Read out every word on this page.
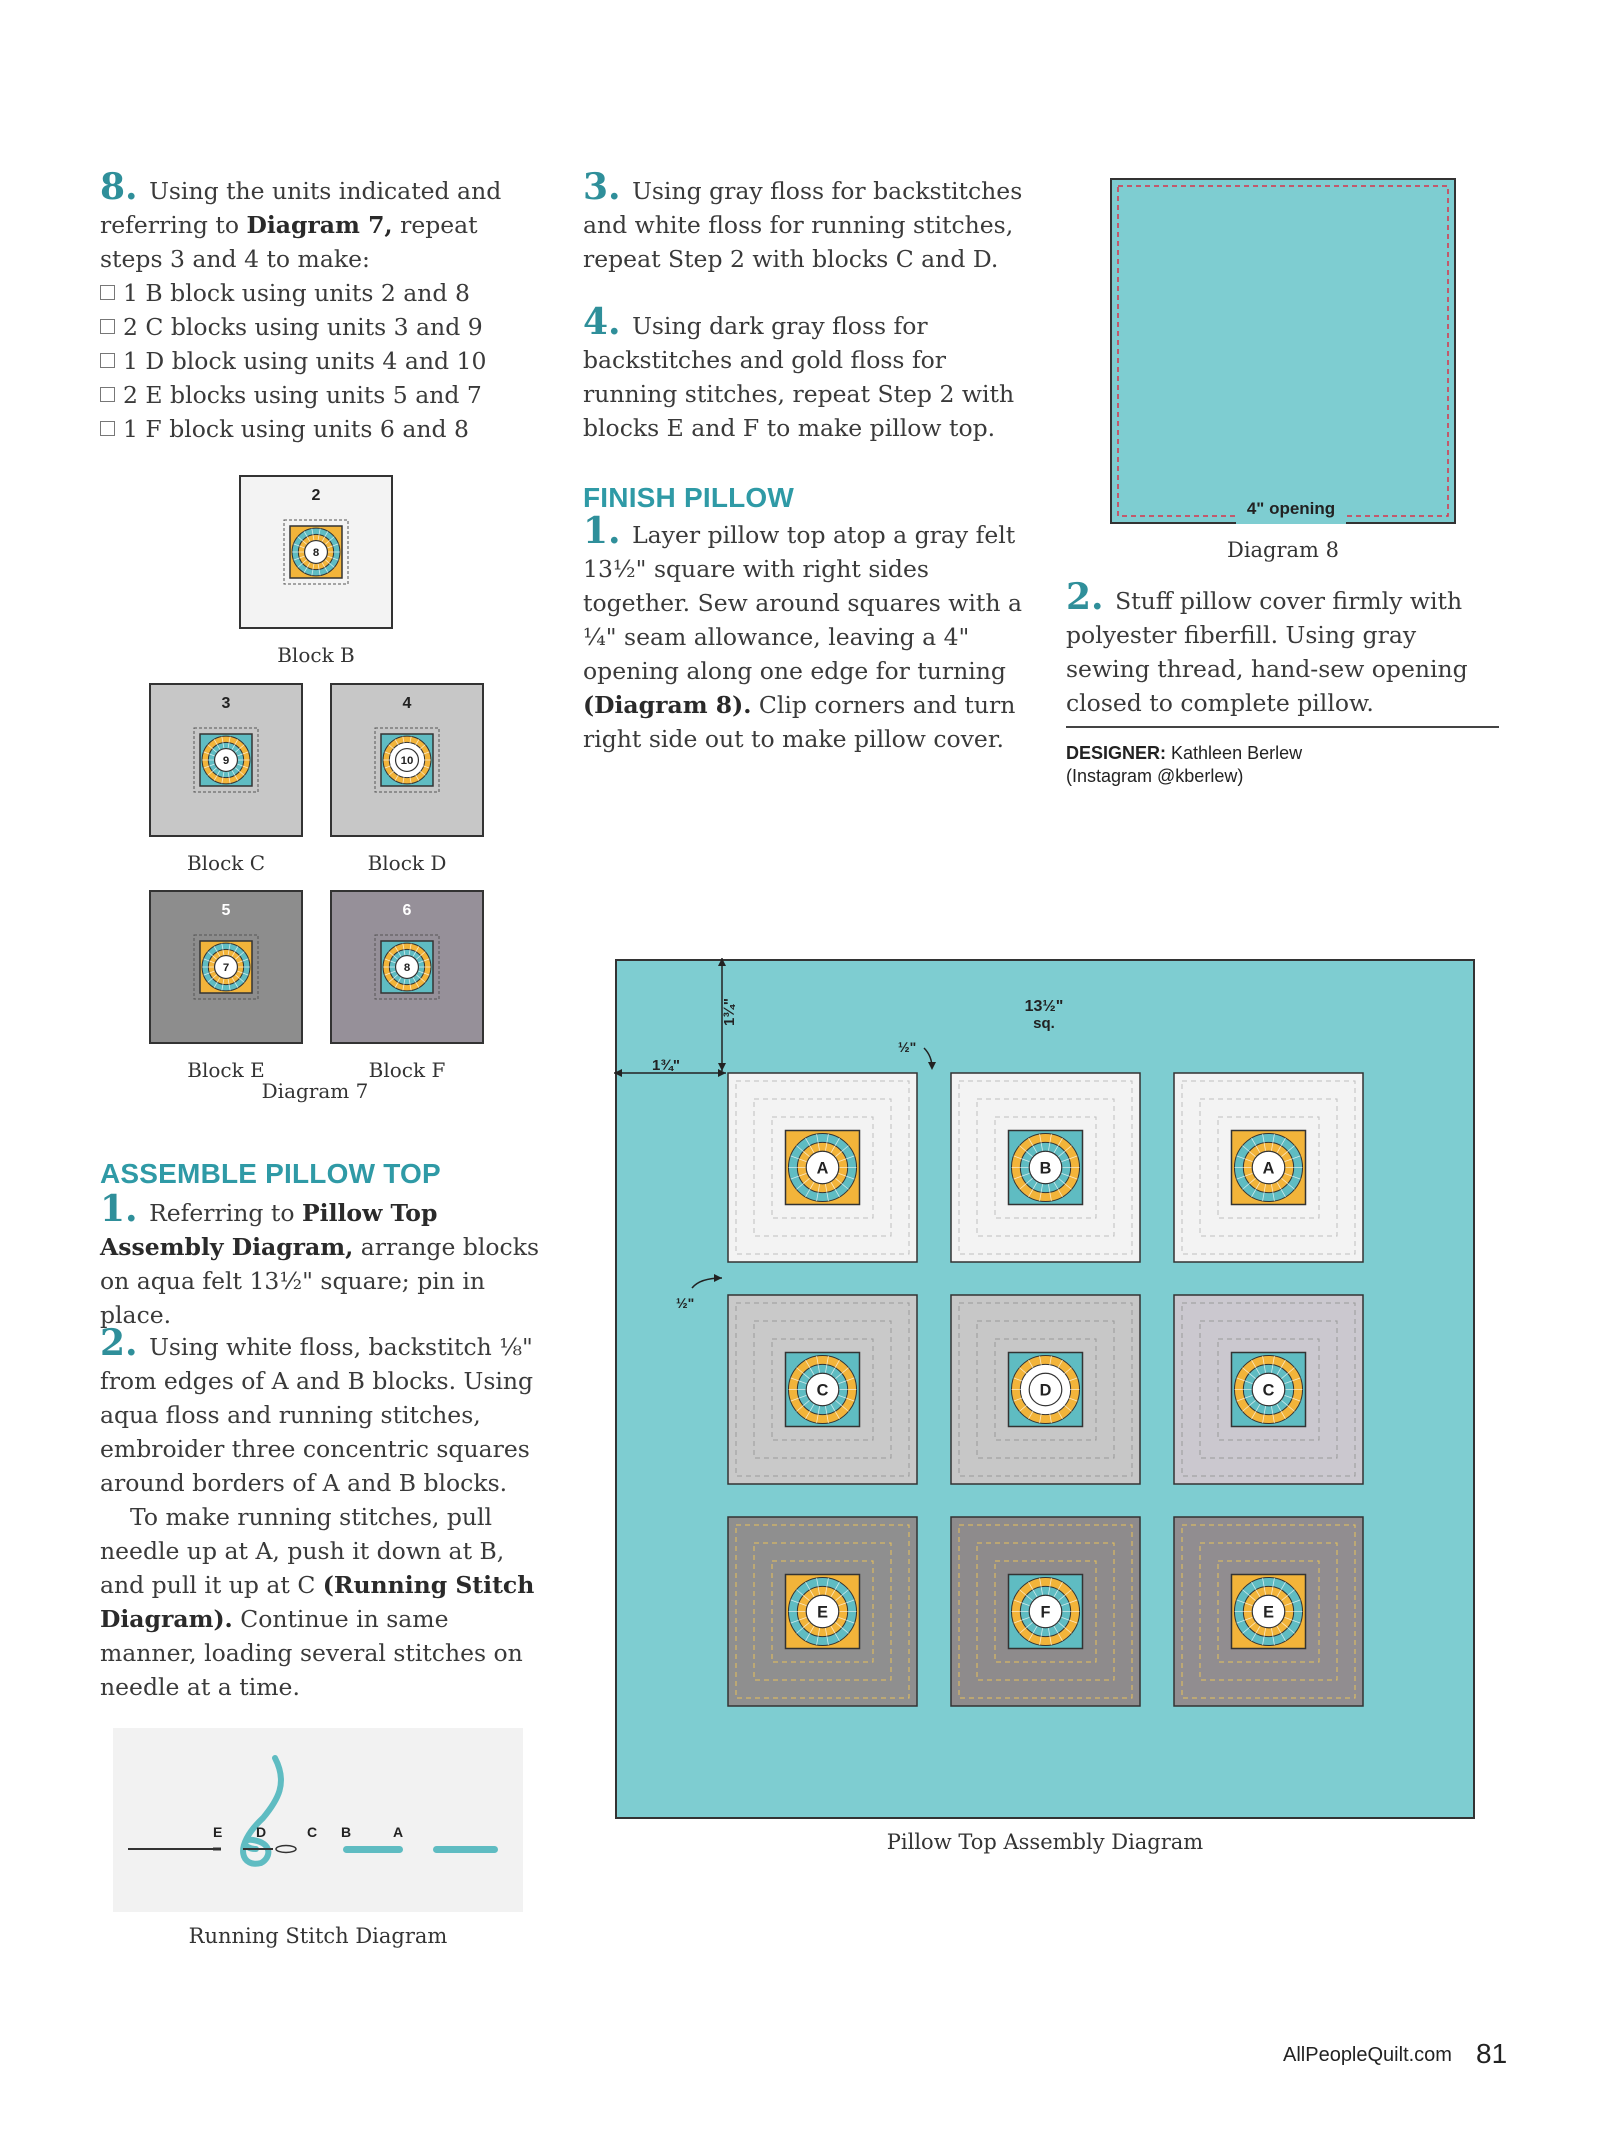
8. Using the units indicated and referring to Diagram 7, repeat steps 3 and 4 to make:
1 B block using units 2 and 8
2 C blocks using units 3 and 9
1 D block using units 4 and 10
2 E blocks using units 5 and 7
1 F block using units 6 and 8
2
8
Block B
3
9
Block C
4
10
Block D
5
7
Block E
6
8
Block F
Diagram 7
ASSEMBLE PILLOW TOP
1. Referring to Pillow Top Assembly Diagram, arrange blocks on aqua felt 13½" square; pin in place.
2. Using white floss, backstitch ⅛" from edges of A and B blocks. Using aqua floss and running stitches, embroider three concentric squares around borders of A and B blocks.
To make running stitches, pull needle up at A, push it down at B, and pull it up at C (Running Stitch Diagram). Continue in same manner, loading several stitches on needle at a time.
E D	C B	A
Running Stitch Diagram
3. Using gray floss for backstitches and white floss for running stitches, repeat Step 2 with blocks C and D.
4. Using dark gray floss for backstitches and gold floss for running stitches, repeat Step 2 with blocks E and F to make pillow top.
FINISH PILLOW
1. Layer pillow top atop a gray felt 13½" square with right sides together. Sew around squares with a ¼" seam allowance, leaving a 4" opening along one edge for turning (Diagram 8). Clip corners and turn right side out to make pillow cover.
4" opening
Diagram 8
2. Stuff pillow cover firmly with polyester fiberfill. Using gray sewing thread, hand-sew opening closed to complete pillow.
DESIGNER: Kathleen Berlew
(Instagram @kberlew)
A	B	A
C	D	C
E	F	E
13½"
sq.
1¾"
1¾"
½"
½"
Pillow Top Assembly Diagram
AllPeopleQuilt.com 81
